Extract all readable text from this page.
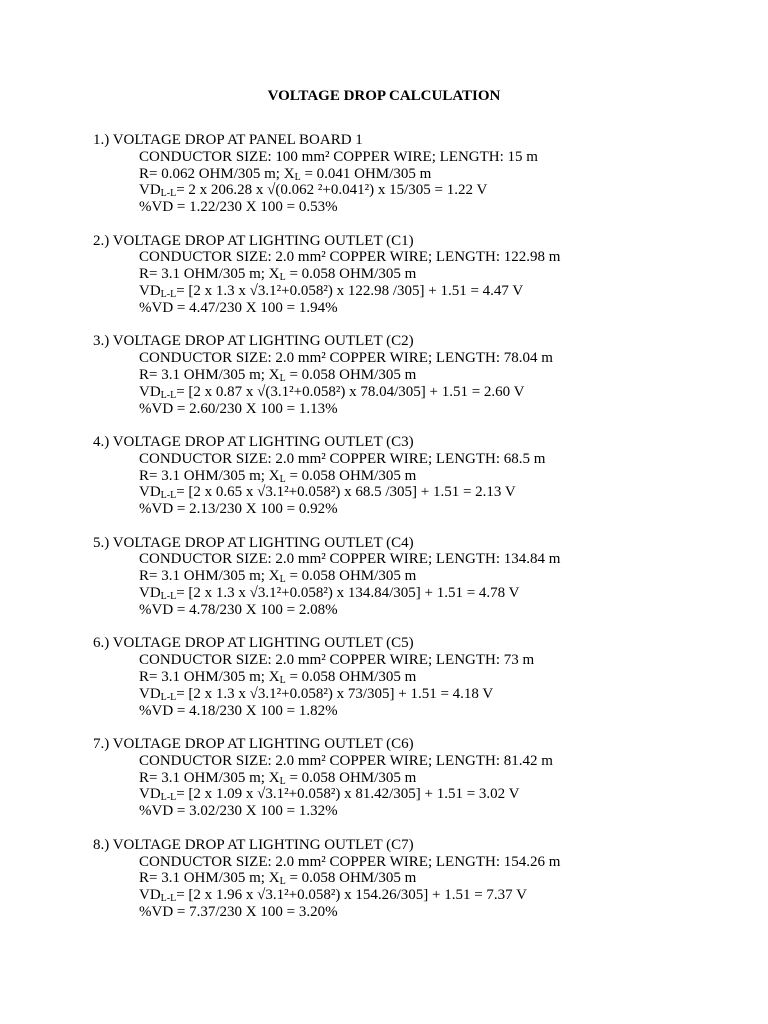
VOLTAGE DROP CALCULATION
1.) VOLTAGE DROP AT PANEL BOARD 1
CONDUCTOR SIZE: 100 mm² COPPER WIRE; LENGTH: 15 m
R= 0.062 OHM/305 m; $X_L = 0.041$ OHM/305 m
$VD_{L-L}= 2$ x 206.28 x √(0.062 ²+0.041²) x 15/305 = 1.22 V
%VD = 1.22/230 X 100 = 0.53%
2.) VOLTAGE DROP AT LIGHTING OUTLET (C1)
CONDUCTOR SIZE: 2.0 mm² COPPER WIRE; LENGTH: 122.98 m
R= 3.1 OHM/305 m; $X_L = 0.058$ OHM/305 m
$VD_{L-L}= [2$ x 1.3 x √3.1²+0.058²) x 122.98 /305] + 1.51 = 4.47 V
%VD = 4.47/230 X 100 = 1.94%
3.) VOLTAGE DROP AT LIGHTING OUTLET (C2)
CONDUCTOR SIZE: 2.0 mm² COPPER WIRE; LENGTH: 78.04 m
R= 3.1 OHM/305 m; $X_L = 0.058$ OHM/305 m
$VD_{L-L}= [2$ x 0.87 x √(3.1²+0.058²) x 78.04/305] + 1.51 = 2.60 V
%VD = 2.60/230 X 100 = 1.13%
4.) VOLTAGE DROP AT LIGHTING OUTLET (C3)
CONDUCTOR SIZE: 2.0 mm² COPPER WIRE; LENGTH: 68.5 m
R= 3.1 OHM/305 m; $X_L = 0.058$ OHM/305 m
$VD_{L-L}= [2$ x 0.65 x √3.1²+0.058²) x 68.5 /305] + 1.51 = 2.13 V
%VD = 2.13/230 X 100 = 0.92%
5.) VOLTAGE DROP AT LIGHTING OUTLET (C4)
CONDUCTOR SIZE: 2.0 mm² COPPER WIRE; LENGTH: 134.84 m
R= 3.1 OHM/305 m; $X_L = 0.058$ OHM/305 m
$VD_{L-L}= [2$ x 1.3 x √3.1²+0.058²) x 134.84/305] + 1.51 = 4.78 V
%VD = 4.78/230 X 100 = 2.08%
6.) VOLTAGE DROP AT LIGHTING OUTLET (C5)
CONDUCTOR SIZE: 2.0 mm² COPPER WIRE; LENGTH: 73 m
R= 3.1 OHM/305 m; $X_L = 0.058$ OHM/305 m
$VD_{L-L}= [2$ x 1.3 x √3.1²+0.058²) x 73/305] + 1.51 = 4.18 V
%VD = 4.18/230 X 100 = 1.82%
7.) VOLTAGE DROP AT LIGHTING OUTLET (C6)
CONDUCTOR SIZE: 2.0 mm² COPPER WIRE; LENGTH: 81.42 m
R= 3.1 OHM/305 m; $X_L = 0.058$ OHM/305 m
$VD_{L-L}= [2$ x 1.09 x √3.1²+0.058²) x 81.42/305] + 1.51 = 3.02 V
%VD = 3.02/230 X 100 = 1.32%
8.) VOLTAGE DROP AT LIGHTING OUTLET (C7)
CONDUCTOR SIZE: 2.0 mm² COPPER WIRE; LENGTH: 154.26 m
R= 3.1 OHM/305 m; $X_L = 0.058$ OHM/305 m
$VD_{L-L}= [2$ x 1.96 x √3.1²+0.058²) x 154.26/305] + 1.51 = 7.37 V
%VD = 7.37/230 X 100 = 3.20%
